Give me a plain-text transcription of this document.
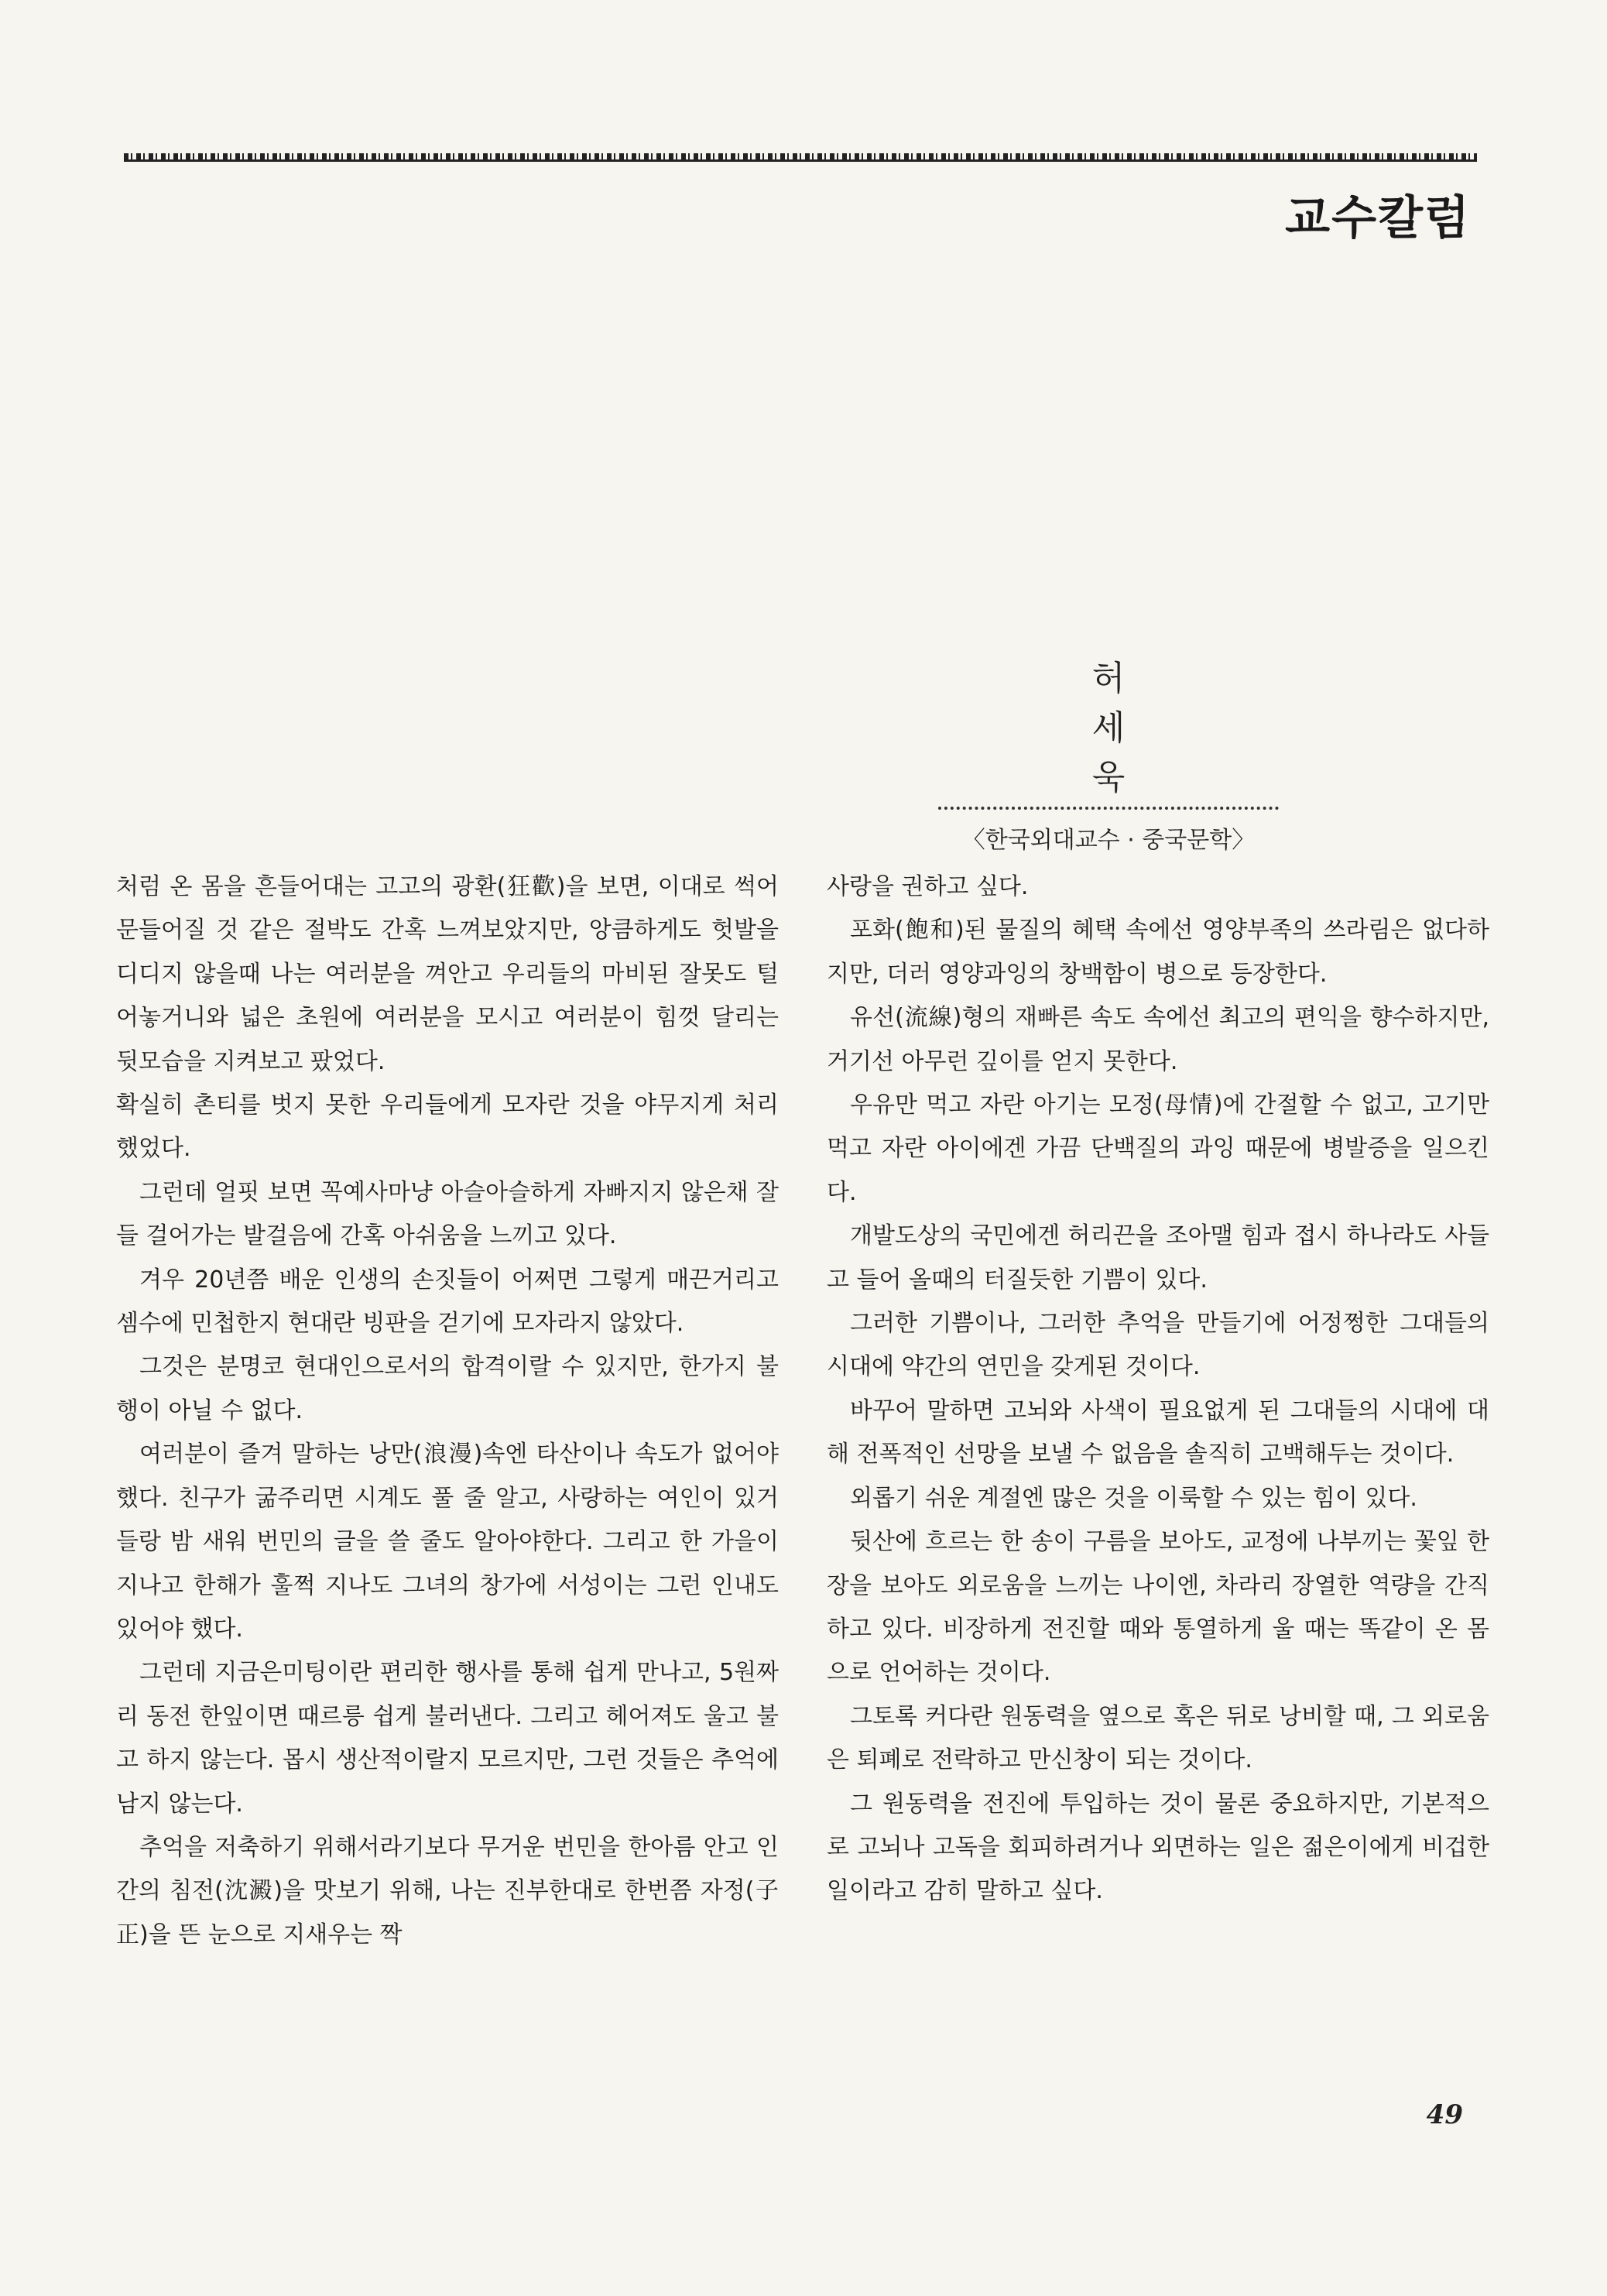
교수칼럼
허 세 욱
〈한국외대교수 · 중국문학〉

처럼 온 몸을 흔들어대는 고고의 광환(狂歡)을 보면, 이대로 썩어 문들어질 것 같은 절박도 간혹 느껴보았지만, 앙큼하게도 헛발을 디디지 않을때 나는 여러분을 껴안고 우리들의 마비된 잘못도 털어놓거니와 넓은 초원에 여러분을 모시고 여러분이 힘껏 달리는 뒷모습을 지켜보고 팠었다.

확실히 촌티를 벗지 못한 우리들에게 모자란 것을 야무지게 처리했었다.

그런데 얼핏 보면 꼭예사마냥 아슬아슬하게 자빠지지 않은채 잘들 걸어가는 발걸음에 간혹 아쉬움을 느끼고 있다.

겨우 20년쯤 배운 인생의 손짓들이 어쩌면 그렇게 매끈거리고 셈수에 민첩한지 현대란 빙판을 걷기에 모자라지 않았다.

그것은 분명코 현대인으로서의 합격이랄 수 있지만, 한가지 불행이 아닐 수 없다.

여러분이 즐겨 말하는 낭만(浪漫)속엔 타산이나 속도가 없어야 했다. 친구가 굶주리면 시계도 풀 줄 알고, 사랑하는 여인이 있거들랑 밤 새워 번민의 글을 쓸 줄도 알아야한다. 그리고 한 가을이 지나고 한해가 훌쩍 지나도 그녀의 창가에 서성이는 그런 인내도 있어야 했다.

그런데 지금은미팅이란 편리한 행사를 통해 쉽게 만나고, 5원짜리 동전 한잎이면 때르릉 쉽게 불러낸다. 그리고 헤어져도 울고 불고 하지 않는다. 몹시 생산적이랄지 모르지만, 그런 것들은 추억에 남지 않는다.

추억을 저축하기 위해서라기보다 무거운 번민을 한아름 안고 인간의 침전(沈澱)을 맛보기 위해, 나는 진부한대로 한번쯤 자정(子正)을 뜬 눈으로 지새우는 짝

사랑을 권하고 싶다.

포화(飽和)된 물질의 혜택 속에선 영양부족의 쓰라림은 없다하지만, 더러 영양과잉의 창백함이 병으로 등장한다.

유선(流線)형의 재빠른 속도 속에선 최고의 편익을 향수하지만, 거기선 아무런 깊이를 얻지 못한다.

우유만 먹고 자란 아기는 모정(母情)에 간절할 수 없고, 고기만 먹고 자란 아이에겐 가끔 단백질의 과잉 때문에 병발증을 일으킨다.

개발도상의 국민에겐 허리끈을 조아맬 힘과 접시 하나라도 사들고 들어 올때의 터질듯한 기쁨이 있다.

그러한 기쁨이나, 그러한 추억을 만들기에 어정쩡한 그대들의 시대에 약간의 연민을 갖게된 것이다.

바꾸어 말하면 고뇌와 사색이 필요없게 된 그대들의 시대에 대해 전폭적인 선망을 보낼 수 없음을 솔직히 고백해두는 것이다.

외롭기 쉬운 계절엔 많은 것을 이룩할 수 있는 힘이 있다.

뒷산에 흐르는 한 송이 구름을 보아도, 교정에 나부끼는 꽃잎 한 장을 보아도 외로움을 느끼는 나이엔, 차라리 장열한 역량을 간직하고 있다. 비장하게 전진할 때와 통열하게 울 때는 똑같이 온 몸으로 언어하는 것이다.

그토록 커다란 원동력을 옆으로 혹은 뒤로 낭비할 때, 그 외로움은 퇴폐로 전락하고 만신창이 되는 것이다.

그 원동력을 전진에 투입하는 것이 물론 중요하지만, 기본적으로 고뇌나 고독을 회피하려거나 외면하는 일은 젊은이에게 비겁한 일이라고 감히 말하고 싶다.

49
